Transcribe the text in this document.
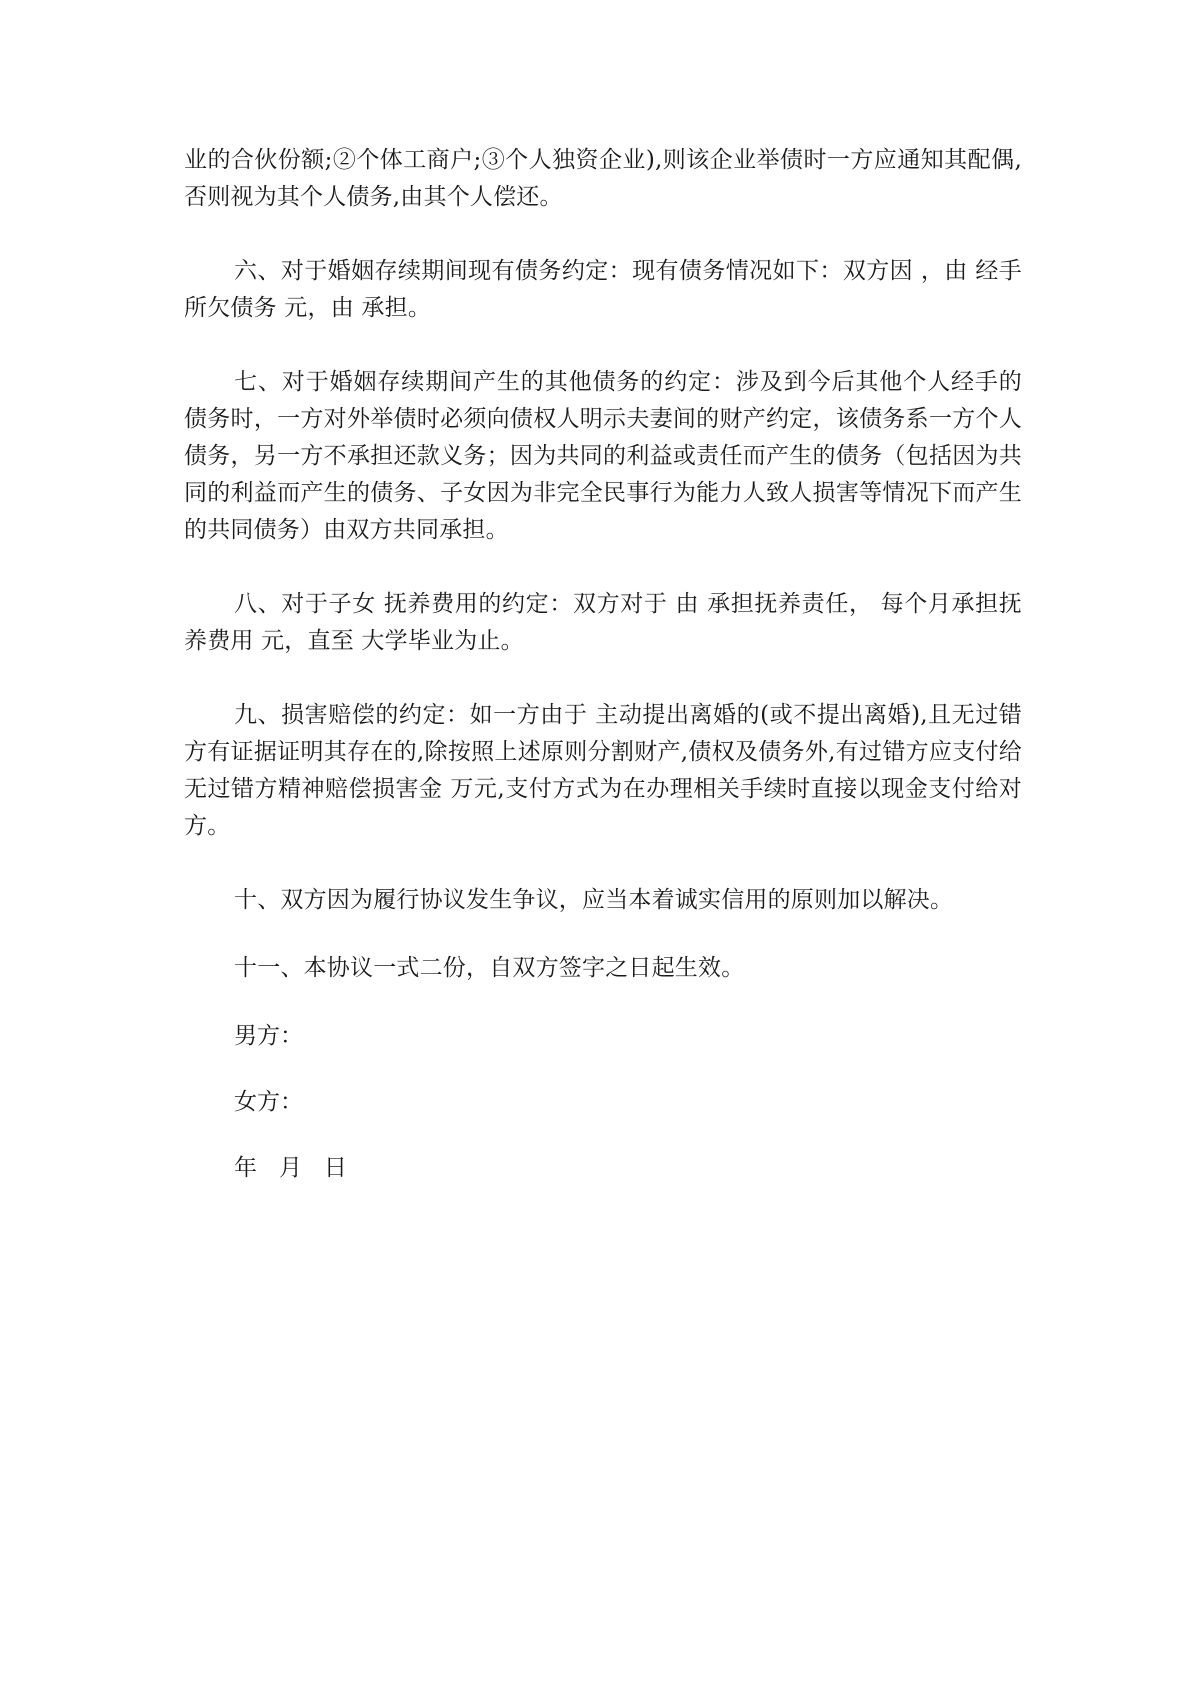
业的合伙份额;②个体工商户;③个人独资企业),则该企业举债时一方应通知其配偶,否则视为其个人债务,由其个人偿还。

六、对于婚姻存续期间现有债务约定：现有债务情况如下：双方因 ，由 经手所欠债务 元，由 承担。

七、对于婚姻存续期间产生的其他债务的约定：涉及到今后其他个人经手的债务时，一方对外举债时必须向债权人明示夫妻间的财产约定，该债务系一方个人债务，另一方不承担还款义务；因为共同的利益或责任而产生的债务（包括因为共同的利益而产生的债务、子女因为非完全民事行为能力人致人损害等情况下而产生的共同债务）由双方共同承担。

八、对于子女 抚养费用的约定：双方对于 由 承担抚养责任， 每个月承担抚养费用 元，直至 大学毕业为止。

九、损害赔偿的约定：如一方由于 主动提出离婚的(或不提出离婚),且无过错方有证据证明其存在的,除按照上述原则分割财产,债权及债务外,有过错方应支付给无过错方精神赔偿损害金 万元,支付方式为在办理相关手续时直接以现金支付给对方。

十、双方因为履行协议发生争议，应当本着诚实信用的原则加以解决。

十一、本协议一式二份，自双方签字之日起生效。

男方：

女方：

年 月 日
